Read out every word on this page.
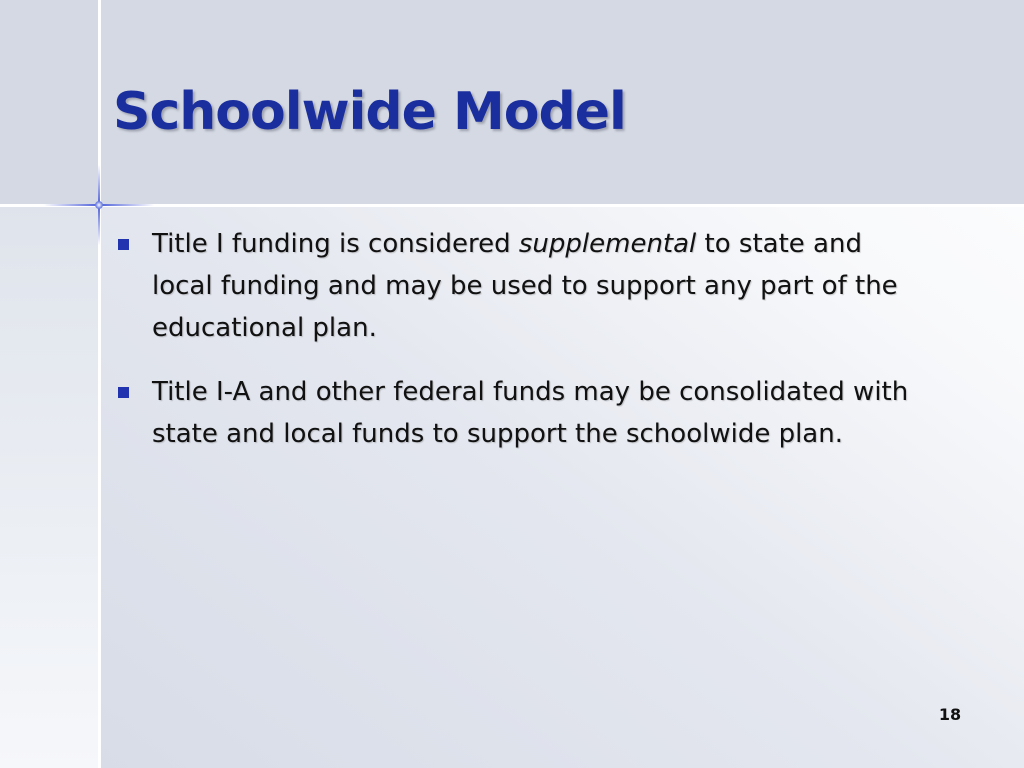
Schoolwide Model
Title I funding is considered supplemental to state and local funding and may be used to support any part of the educational plan.
Title I-A and other federal funds may be consolidated with state and local funds to support the schoolwide plan.
18
